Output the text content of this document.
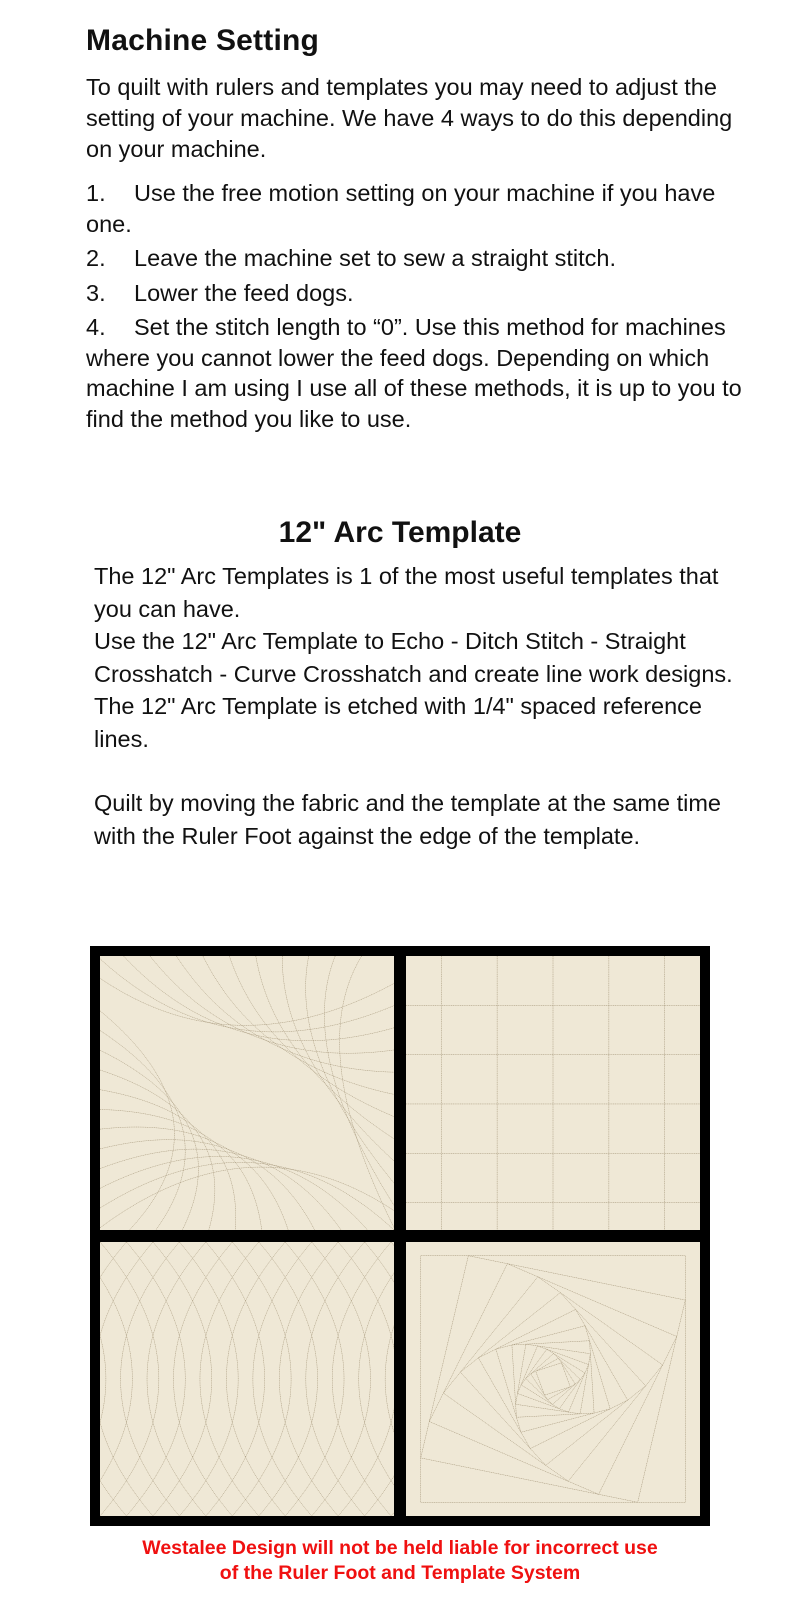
Machine Setting

To quilt with rulers and templates you may need to adjust the setting of your machine. We have 4 ways to do this depending on your machine.

1. Use the free motion setting on your machine if you have one.
2. Leave the machine set to sew a straight stitch.
3. Lower the feed dogs.
4. Set the stitch length to “0”. Use this method for machines where you cannot lower the feed dogs. Depending on which machine I am using I use all of these methods, it is up to you to find the method you like to use.
12" Arc Template

The 12" Arc Templates is 1 of the most useful templates that you can have.

Use the 12" Arc Template to Echo - Ditch Stitch - Straight Crosshatch - Curve Crosshatch and create line work designs.

The 12" Arc Template is etched with 1/4" spaced reference lines.

Quilt by moving the fabric and the template at the same time with the Ruler Foot against the edge of the template.

Westalee Design will not be held liable for incorrect use
of the Ruler Foot and Template System
